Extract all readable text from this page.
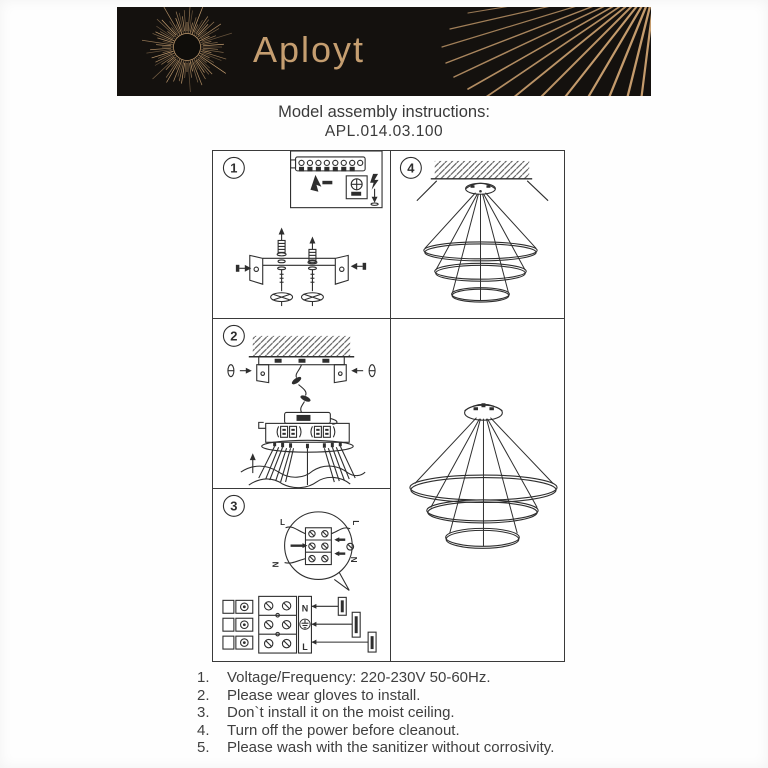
Aployt
Model assembly instructions:
APL.014.03.100
1
2
3
L	L
N
N
N
L
4
1.	Voltage/Frequency: 220-230V 50-60Hz.
2.	Please wear gloves to install.
3.	Don`t install it on the moist ceiling.
4.	Turn off the power before cleanout.
5.	Please wash with the sanitizer without corrosivity.
